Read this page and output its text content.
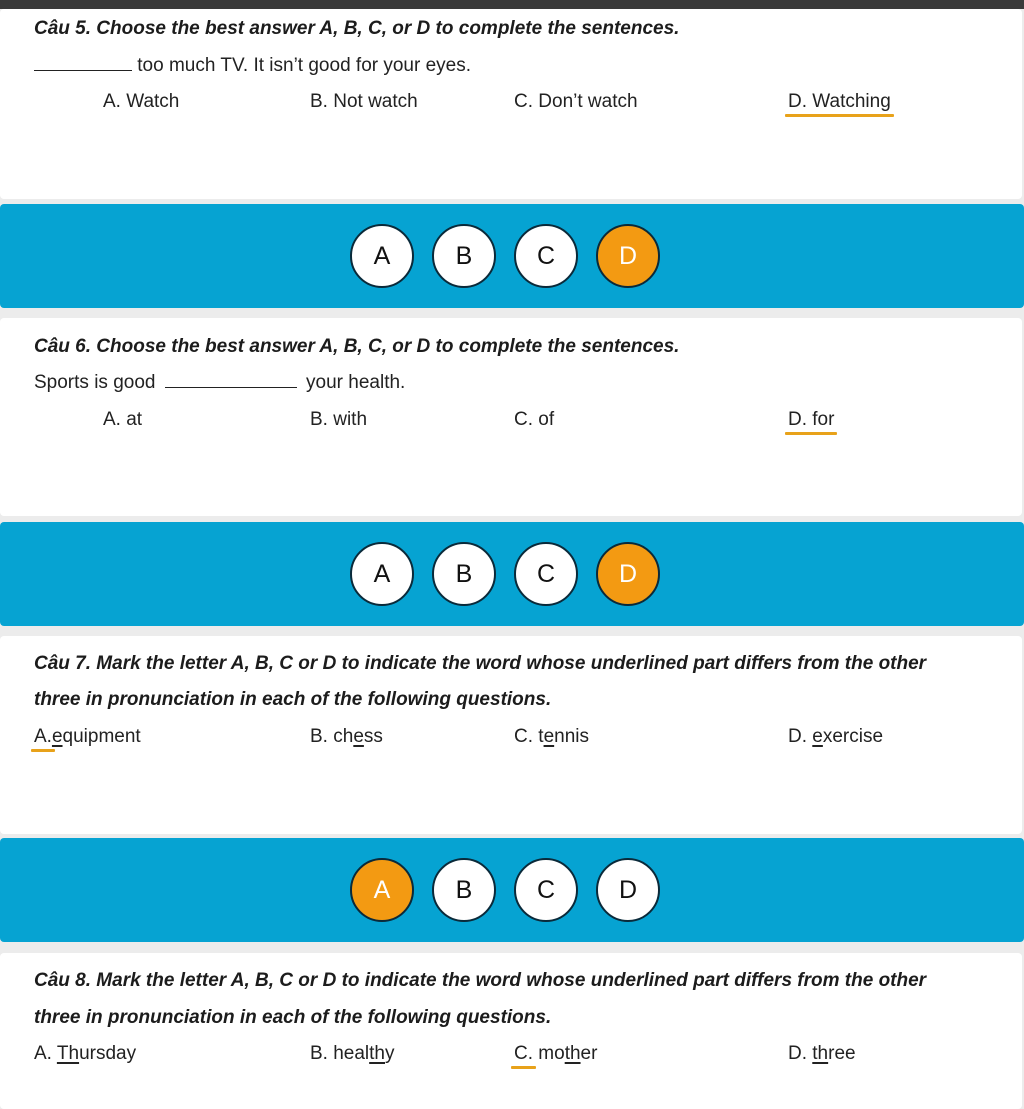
Câu 5. Choose the best answer A, B, C, or D to complete the sentences.
too much TV. It isn’t good for your eyes.
A. Watch	B. Not watch	C. Don’t watch	D. Watching
A	B	C	D
Câu 6. Choose the best answer A, B, C, or D to complete the sentences.
Sports is good	your health.
A. at	B. with	C. of	D. for
A	B	C	D
Câu 7. Mark the letter A, B, C or D to indicate the word whose underlined part differs from the other
three in pronunciation in each of the following questions.
A.equipment	B. chess	C. tennis	D. exercise
A	B	C	D
Câu 8. Mark the letter A, B, C or D to indicate the word whose underlined part differs from the other
three in pronunciation in each of the following questions.
A. Thursday	B. healthy	C. mother	D. three
